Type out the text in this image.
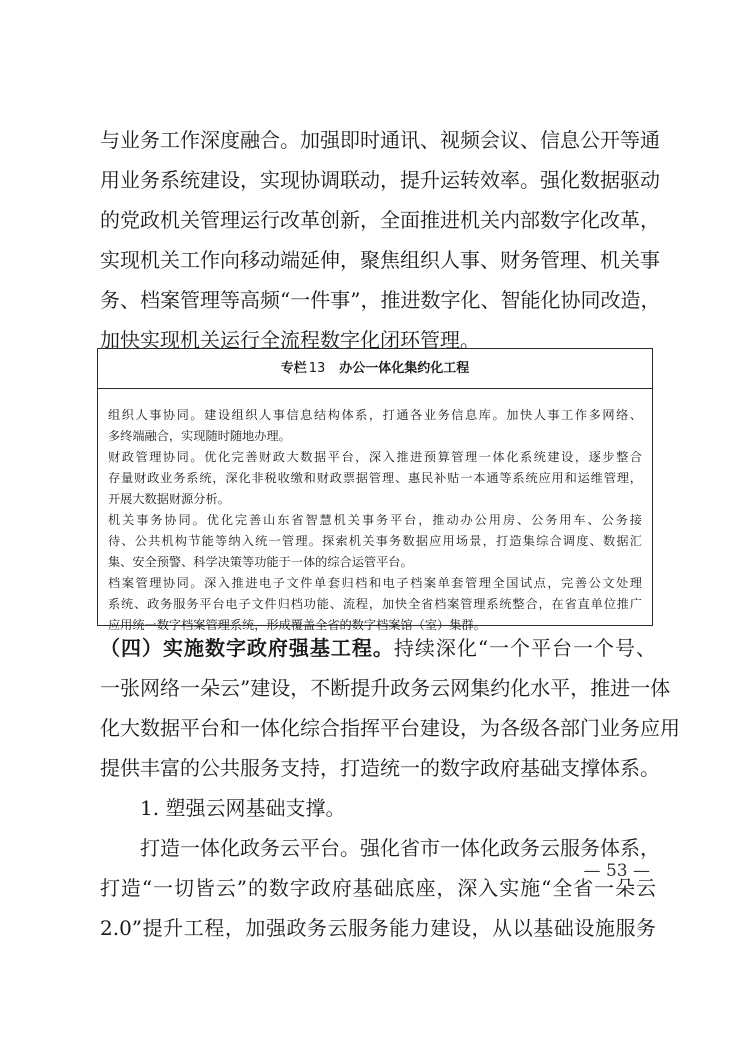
与业务工作深度融合。加强即时通讯、视频会议、信息公开等通
用业务系统建设，实现协调联动，提升运转效率。强化数据驱动
的党政机关管理运行改革创新，全面推进机关内部数字化改革，
实现机关工作向移动端延伸，聚焦组织人事、财务管理、机关事
务、档案管理等高频“一件事”，推进数字化、智能化协同改造，
加快实现机关运行全流程数字化闭环管理。
专栏 13 办公一体化集约化工程
组织人事协同。建设组织人事信息结构体系，打通各业务信息库。加快人事工作多网络、
多终端融合，实现随时随地办理。
财政管理协同。优化完善财政大数据平台，深入推进预算管理一体化系统建设，逐步整合
存量财政业务系统，深化非税收缴和财政票据管理、惠民补贴一本通等系统应用和运维管理，
开展大数据财源分析。
机关事务协同。优化完善山东省智慧机关事务平台，推动办公用房、公务用车、公务接
待、公共机构节能等纳入统一管理。探索机关事务数据应用场景，打造集综合调度、数据汇
集、安全预警、科学决策等功能于一体的综合运管平台。
档案管理协同。深入推进电子文件单套归档和电子档案单套管理全国试点，完善公文处理
系统、政务服务平台电子文件归档功能、流程，加快全省档案管理系统整合，在省直单位推广
应用统一数字档案管理系统，形成覆盖全省的数字档案馆（室）集群。
（四）实施数字政府强基工程。持续深化“一个平台一个号、
一张网络一朵云”建设，不断提升政务云网集约化水平，推进一体
化大数据平台和一体化综合指挥平台建设，为各级各部门业务应用
提供丰富的公共服务支持，打造统一的数字政府基础支撑体系。
1. 塑强云网基础支撑。
打造一体化政务云平台。强化省市一体化政务云服务体系，
打造“一切皆云”的数字政府基础底座，深入实施“全省一朵云
2.0”提升工程，加强政务云服务能力建设，从以基础设施服务
— 53 —
